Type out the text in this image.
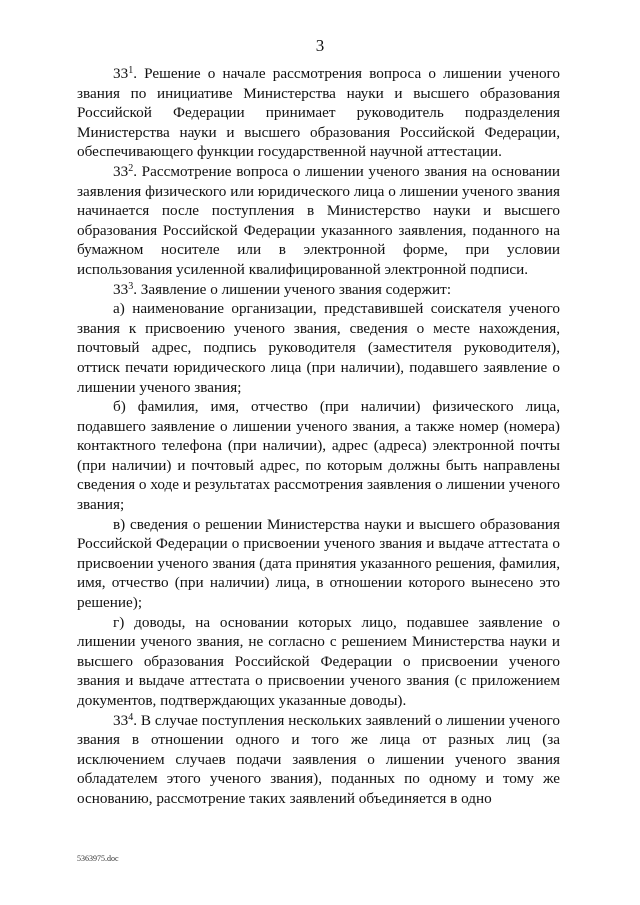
3

$33^1$. Решение о начале рассмотрения вопроса о лишении ученого звания по инициативе Министерства науки и высшего образования Российской Федерации принимает руководитель подразделения Министерства науки и высшего образования Российской Федерации, обеспечивающего функции государственной научной аттестации.

$33^2$. Рассмотрение вопроса о лишении ученого звания на основании заявления физического или юридического лица о лишении ученого звания начинается после поступления в Министерство науки и высшего образования Российской Федерации указанного заявления, поданного на бумажном носителе или в электронной форме, при условии использования усиленной квалифицированной электронной подписи.

$33^3$. Заявление о лишении ученого звания содержит:

а) наименование организации, представившей соискателя ученого звания к присвоению ученого звания, сведения о месте нахождения, почтовый адрес, подпись руководителя (заместителя руководителя), оттиск печати юридического лица (при наличии), подавшего заявление о лишении ученого звания;

б) фамилия, имя, отчество (при наличии) физического лица, подавшего заявление о лишении ученого звания, а также номер (номера) контактного телефона (при наличии), адрес (адреса) электронной почты (при наличии) и почтовый адрес, по которым должны быть направлены сведения о ходе и результатах рассмотрения заявления о лишении ученого звания;

в) сведения о решении Министерства науки и высшего образования Российской Федерации о присвоении ученого звания и выдаче аттестата о присвоении ученого звания (дата принятия указанного решения, фамилия, имя, отчество (при наличии) лица, в отношении которого вынесено это решение);

г) доводы, на основании которых лицо, подавшее заявление о лишении ученого звания, не согласно с решением Министерства науки и высшего образования Российской Федерации о присвоении ученого звания и выдаче аттестата о присвоении ученого звания (с приложением документов, подтверждающих указанные доводы).

$33^4$. В случае поступления нескольких заявлений о лишении ученого звания в отношении одного и того же лица от разных лиц (за исключением случаев подачи заявления о лишении ученого звания обладателем этого ученого звания), поданных по одному и тому же основанию, рассмотрение таких заявлений объединяется в одно

5363975.doc
